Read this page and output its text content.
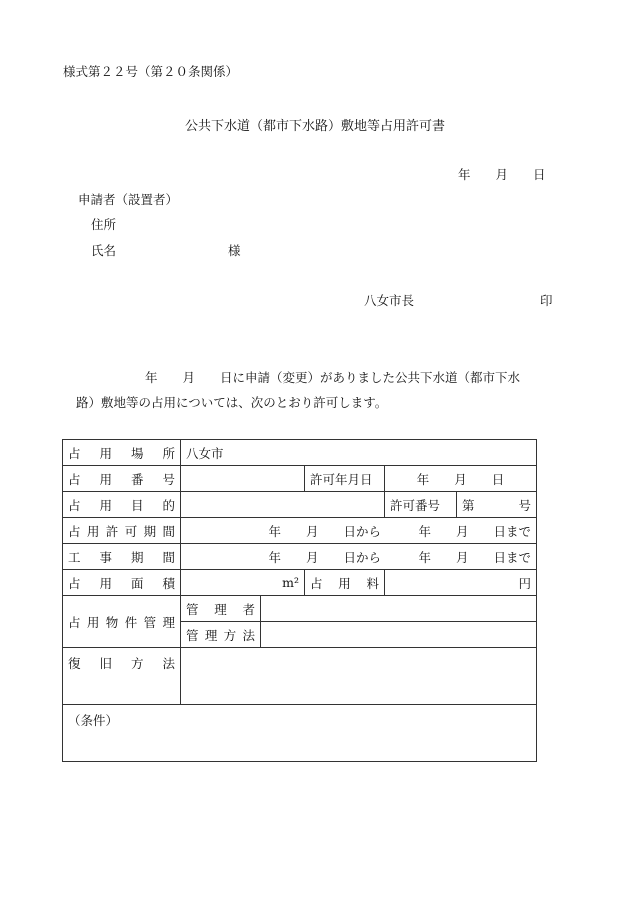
様式第２２号（第２０条関係）
公共下水道（都市下水路）敷地等占用許可書
年　　月　　日
申請者（設置者）
住所
氏名	様
八女市長	印
年　　月　　日に申請（変更）がありました公共下水道（都市下水
路）敷地等の占用については、次のとおり許可します。
占用場所	八女市				
占用番号			許可年月日	年　　月　　日	
占用目的				許可番号	第 号

占用許可期間	年　　月　　日から　　　年　　月　　日まで				
工事期間	年　　月　　日から　　　年　　月　　日まで				
占用面積	m²		占用料	円	
占用物件管理	管理者				
	管理方法				
復旧方法					
（条件）					
